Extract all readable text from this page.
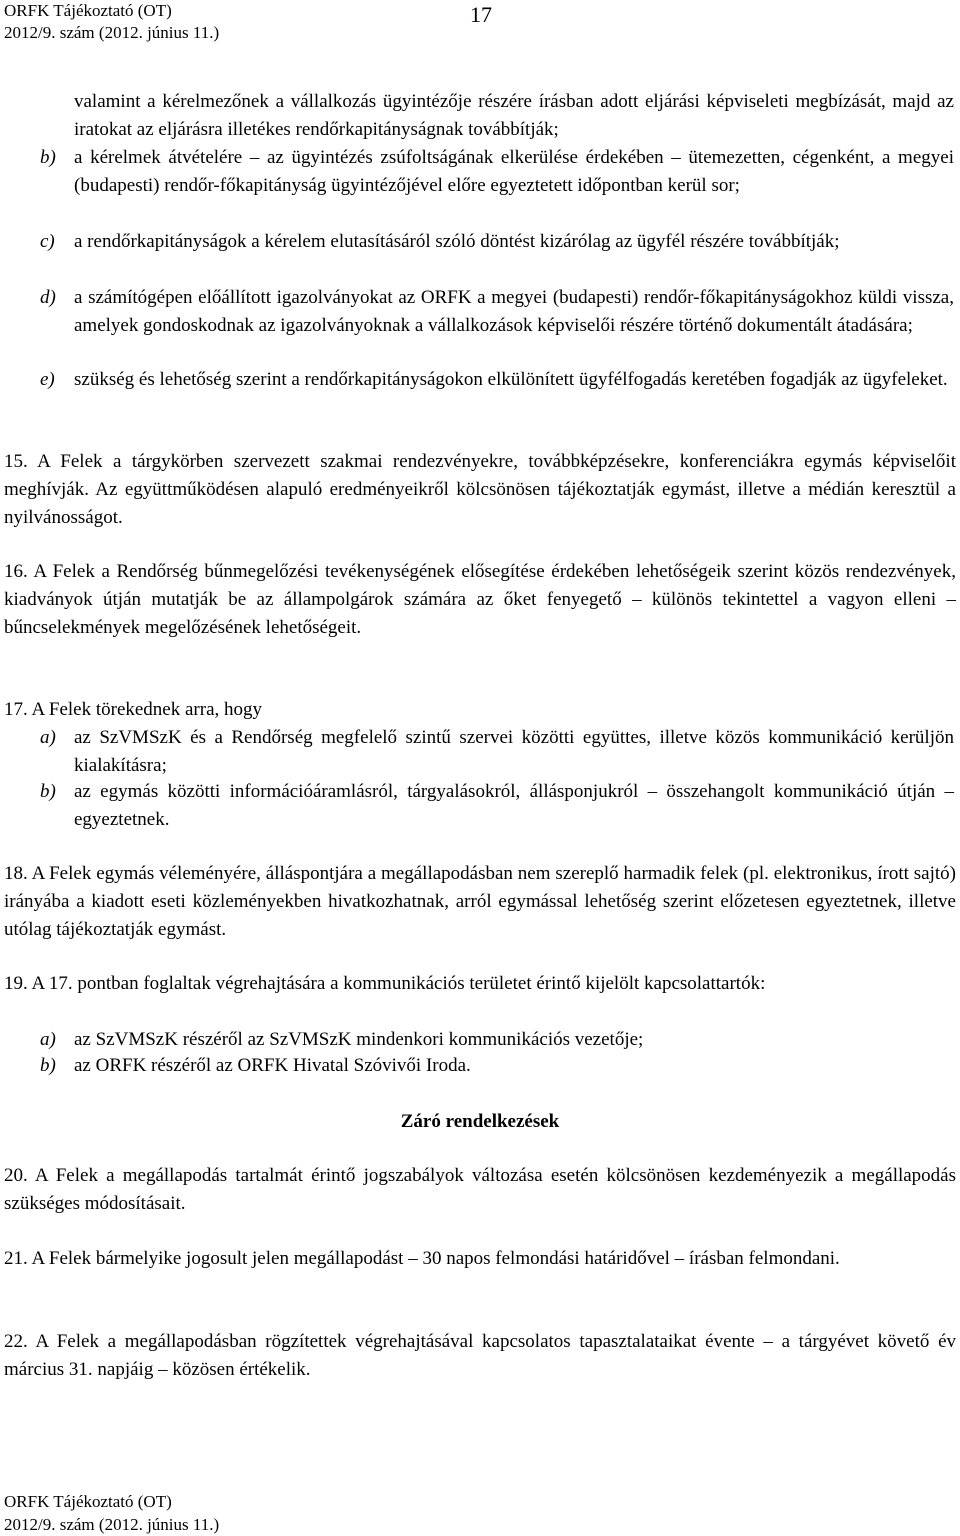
ORFK Tájékoztató (OT)
2012/9. szám (2012. június 11.)
17
valamint a kérelmezőnek a vállalkozás ügyintézője részére írásban adott eljárási képviseleti megbízását, majd az iratokat az eljárásra illetékes rendőrkapitányságnak továbbítják;
b) a kérelmek átvételére – az ügyintézés zsúfoltságának elkerülése érdekében – ütemezetten, cégenként, a megyei (budapesti) rendőr-főkapitányság ügyintézőjével előre egyeztetett időpontban kerül sor;
c) a rendőrkapitányságok a kérelem elutasításáról szóló döntést kizárólag az ügyfél részére továbbítják;
d) a számítógépen előállított igazolványokat az ORFK a megyei (budapesti) rendőr-főkapitányságokhoz küldi vissza, amelyek gondoskodnak az igazolványoknak a vállalkozások képviselői részére történő dokumentált átadására;
e) szükség és lehetőség szerint a rendőrkapitányságokon elkülönített ügyfélfogadás keretében fogadják az ügyfeleket.
15. A Felek a tárgykörben szervezett szakmai rendezvényekre, továbbképzésekre, konferenciákra egymás képviselőit meghívják. Az együttműködésen alapuló eredményeikről kölcsönösen tájékoztatják egymást, illetve a médián keresztül a nyilvánosságot.
16. A Felek a Rendőrség bűnmegelőzési tevékenységének elősegítése érdekében lehetőségeik szerint közös rendezvények, kiadványok útján mutatják be az állampolgárok számára az őket fenyegető – különös tekintettel a vagyon elleni – bűncselekmények megelőzésének lehetőségeit.
17. A Felek törekednek arra, hogy
a) az SzVMSzK és a Rendőrség megfelelő szintű szervei közötti együttes, illetve közös kommunikáció kerüljön kialakításra;
b) az egymás közötti információáramlásról, tárgyalásokról, állásponjukról – összehangolt kommunikáció útján – egyeztetnek.
18. A Felek egymás véleményére, álláspontjára a megállapodásban nem szereplő harmadik felek (pl. elektronikus, írott sajtó) irányába a kiadott eseti közleményekben hivatkozhatnak, arról egymással lehetőség szerint előzetesen egyeztetnek, illetve utólag tájékoztatják egymást.
19. A 17. pontban foglaltak végrehajtására a kommunikációs területet érintő kijelölt kapcsolattartók:
a) az SzVMSzK részéről az SzVMSzK mindenkori kommunikációs vezetője;
b) az ORFK részéről az ORFK Hivatal Szóvivői Iroda.
Záró rendelkezések
20. A Felek a megállapodás tartalmát érintő jogszabályok változása esetén kölcsönösen kezdeményezik a megállapodás szükséges módosításait.
21. A Felek bármelyike jogosult jelen megállapodást – 30 napos felmondási határidővel – írásban felmondani.
22. A Felek a megállapodásban rögzítettek végrehajtásával kapcsolatos tapasztalataikat évente – a tárgyévet követő év március 31. napjáig – közösen értékelik.
ORFK Tájékoztató (OT)
2012/9. szám (2012. június 11.)
